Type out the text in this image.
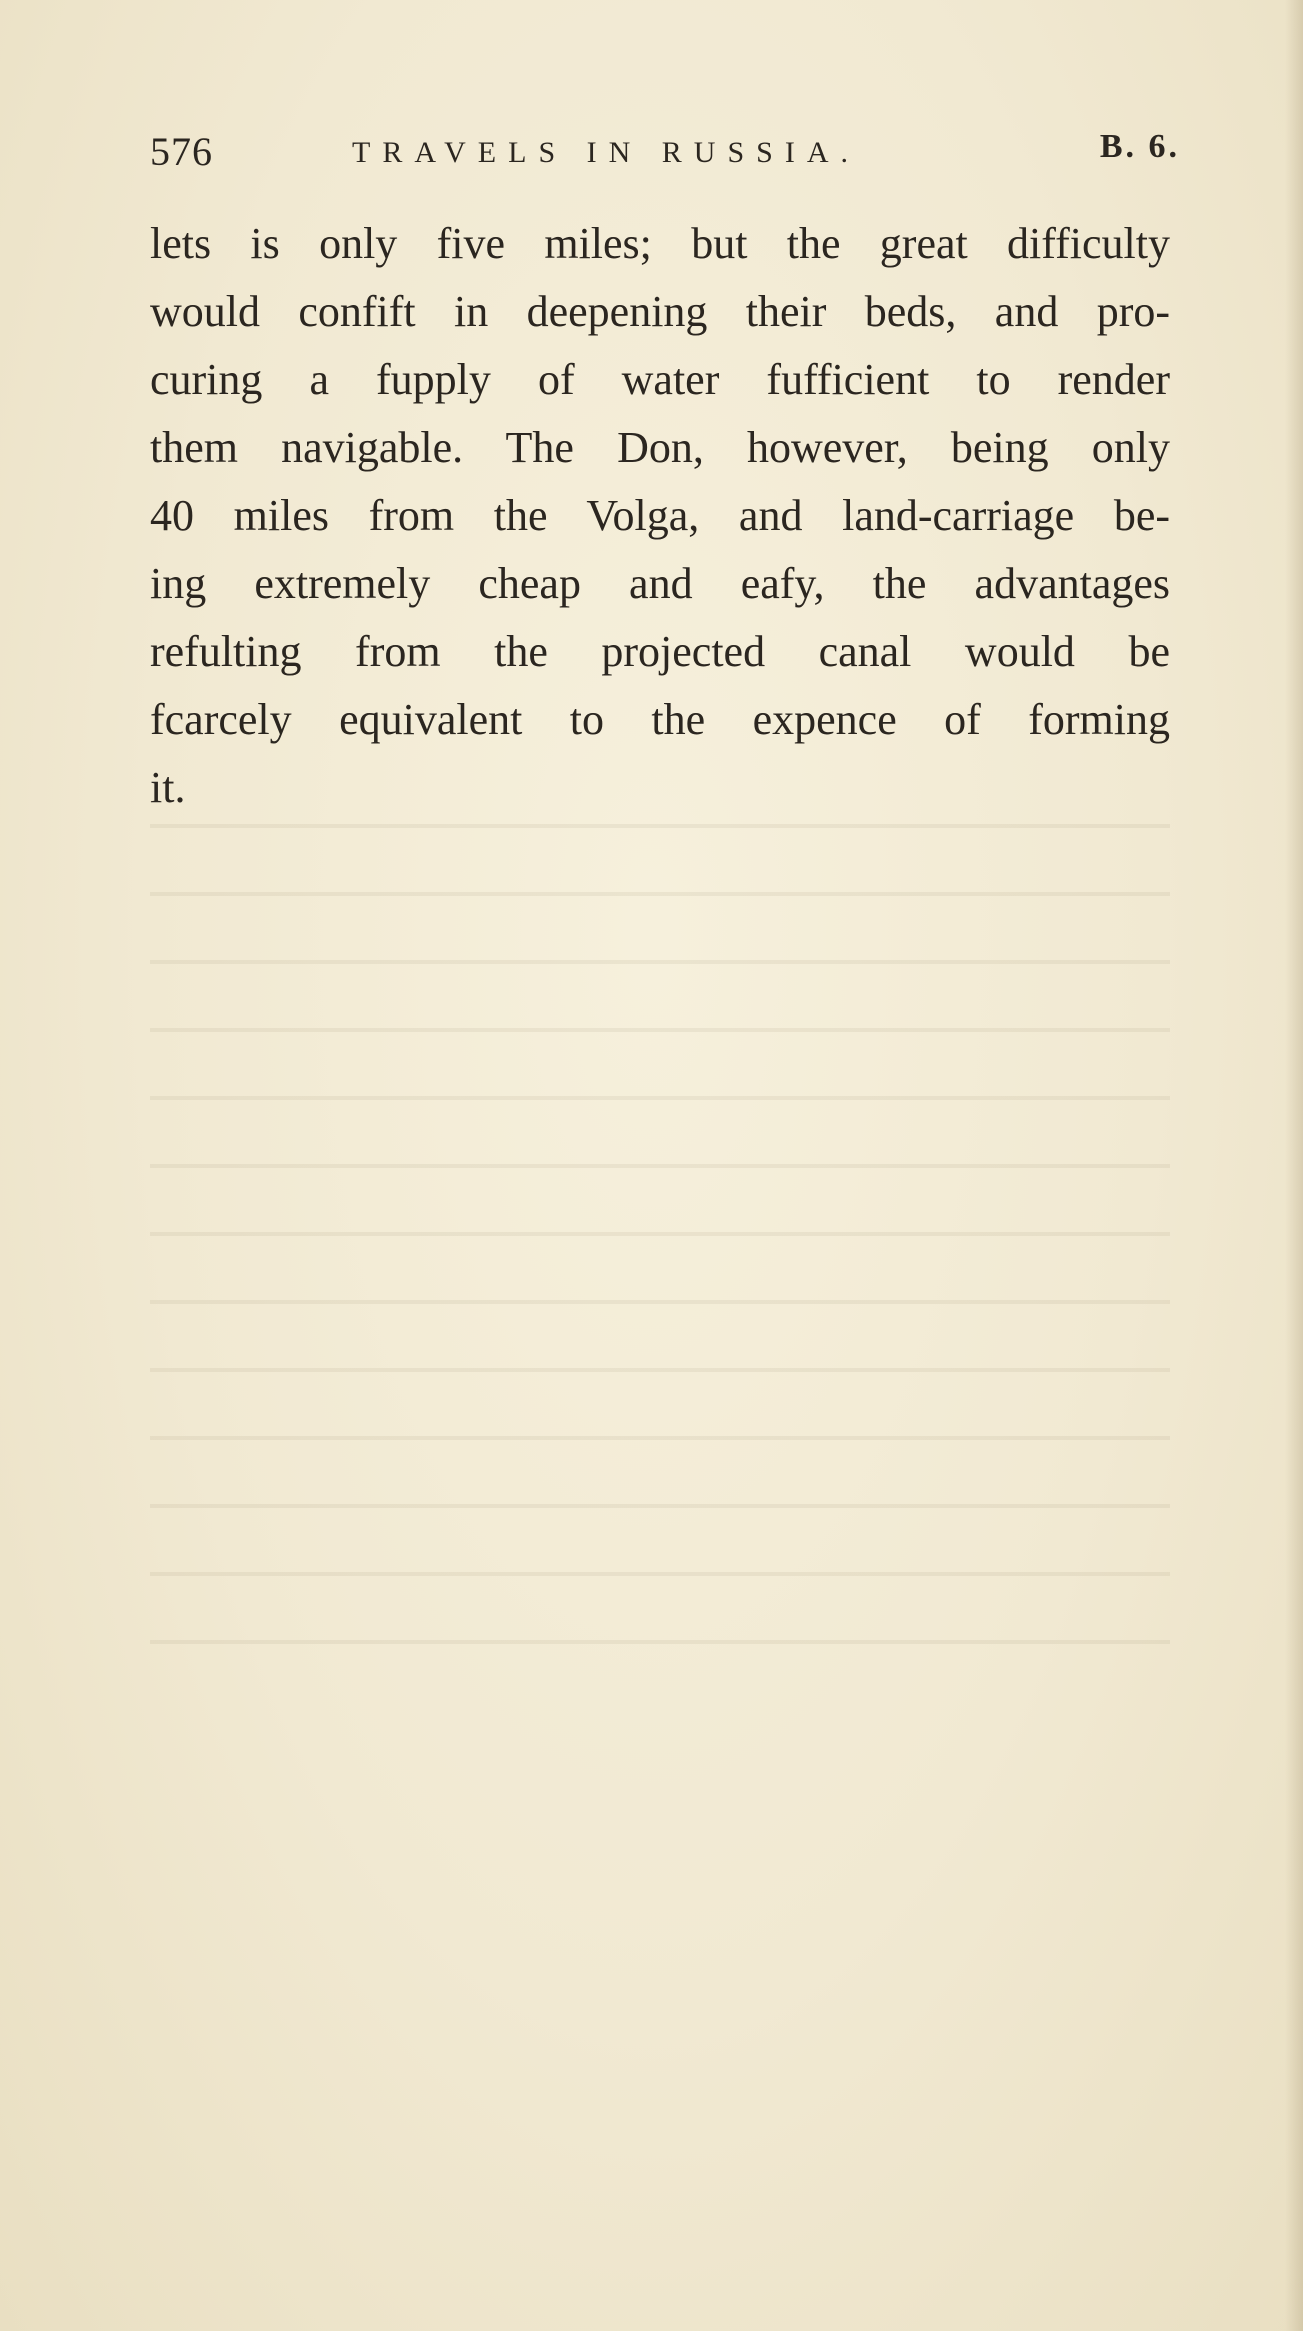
576	TRAVELS IN RUSSIA.	B. 6.
lets is only five miles; but the great difficulty
would confift in deepening their beds, and pro-
curing a fupply of water fufficient to render
them navigable. The Don, however, being only
40 miles from the Volga, and land-carriage be-
ing extremely cheap and eafy, the advantages
refulting from the projected canal would be
fcarcely equivalent to the expence of forming
it.
